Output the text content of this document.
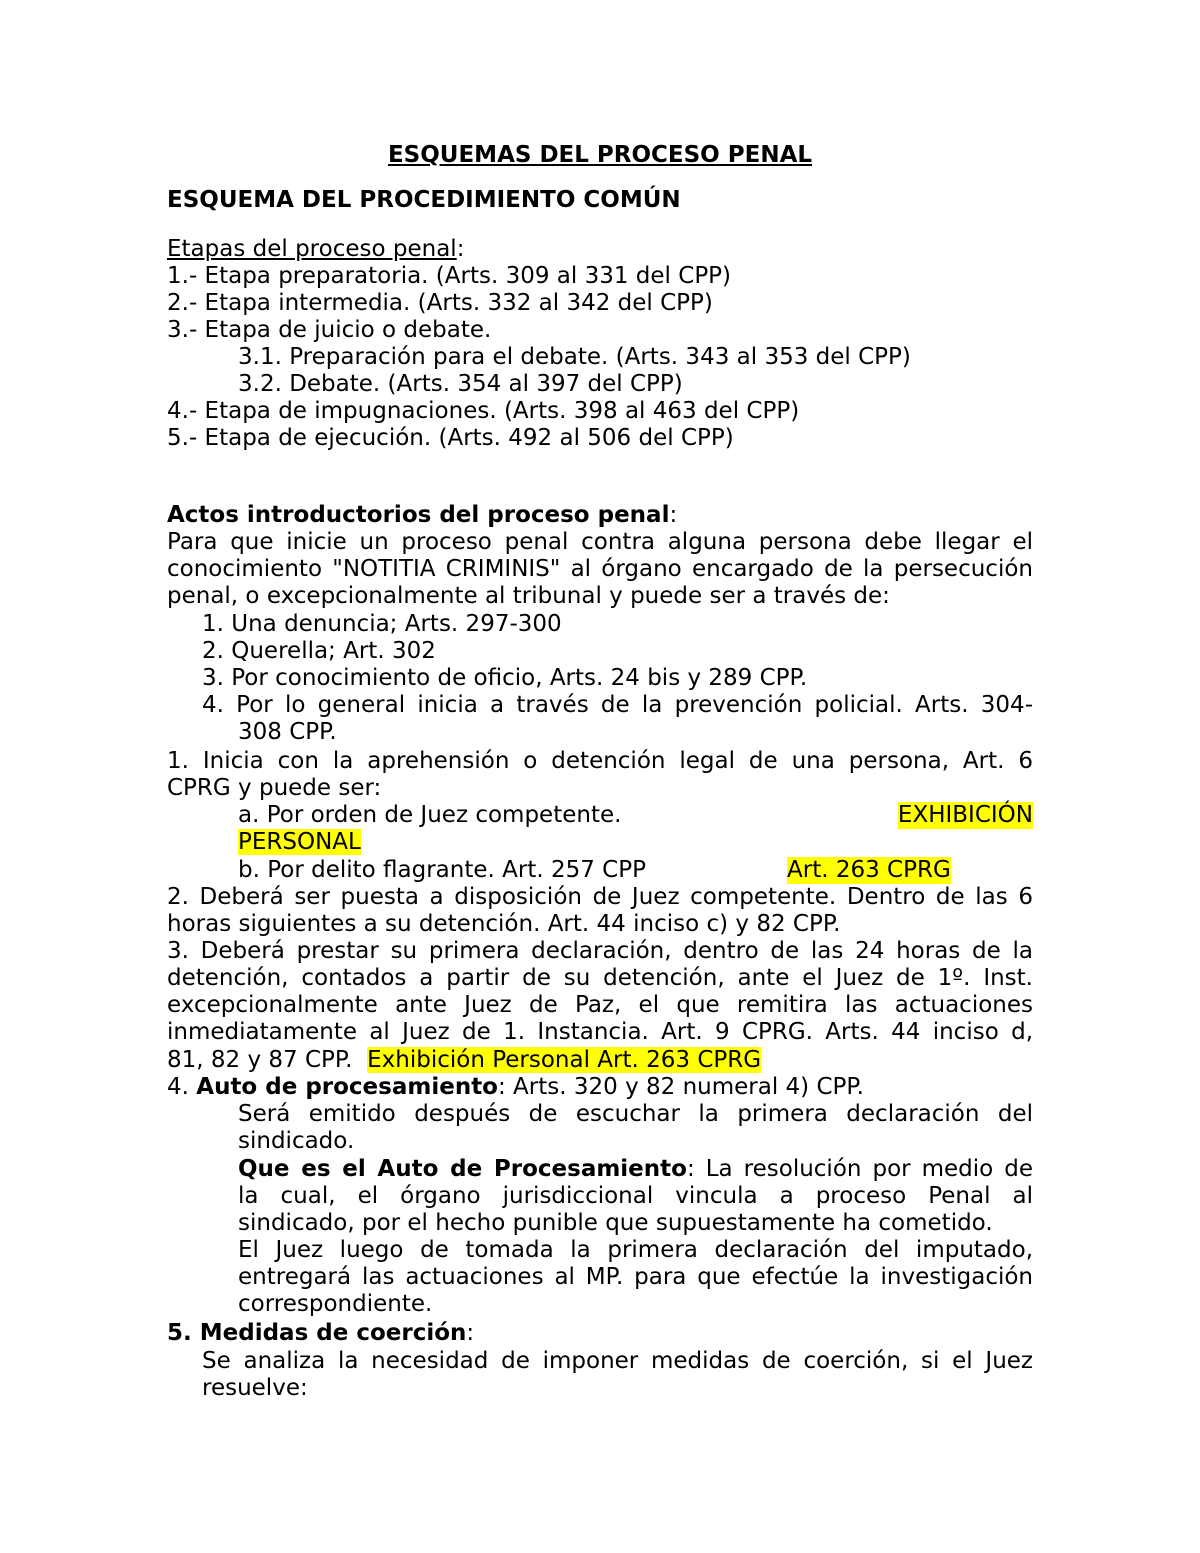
ESQUEMAS DEL PROCESO PENAL
ESQUEMA DEL PROCEDIMIENTO COMÚN
Etapas del proceso penal:
1.- Etapa preparatoria. (Arts. 309 al 331 del CPP)
2.- Etapa intermedia. (Arts. 332 al 342 del CPP)
3.- Etapa de juicio o debate.
3.1. Preparación para el debate. (Arts. 343 al 353 del CPP)
3.2. Debate. (Arts. 354 al 397 del CPP)
4.- Etapa de impugnaciones. (Arts. 398 al 463 del CPP)
5.- Etapa de ejecución. (Arts. 492 al 506 del CPP)
Actos introductorios del proceso penal:
Para que inicie un proceso penal contra alguna persona debe llegar el
conocimiento "NOTITIA CRIMINIS" al órgano encargado de la persecución
penal, o excepcionalmente al tribunal y puede ser a través de:
1. Una denuncia; Arts. 297-300
2. Querella; Art. 302
3. Por conocimiento de oficio, Arts. 24 bis y 289 CPP.
4. Por lo general inicia a través de la prevención policial. Arts. 304-
308 CPP.
1. Inicia con la aprehensión o detención legal de una persona, Art. 6
CPRG y puede ser:
a. Por orden de Juez competente.	EXHIBICIÓN
PERSONAL
b. Por delito flagrante. Art. 257 CPP	Art. 263 CPRG
2. Deberá ser puesta a disposición de Juez competente. Dentro de las 6
horas siguientes a su detención. Art. 44 inciso c) y 82 CPP.
3. Deberá prestar su primera declaración, dentro de las 24 horas de la
detención, contados a partir de su detención, ante el Juez de 1º. Inst.
excepcionalmente ante Juez de Paz, el que remitira las actuaciones
inmediatamente al Juez de 1. Instancia. Art. 9 CPRG. Arts. 44 inciso d,
81, 82 y 87 CPP. Exhibición Personal Art. 263 CPRG
4. Auto de procesamiento: Arts. 320 y 82 numeral 4) CPP.
Será emitido después de escuchar la primera declaración del
sindicado.
Que es el Auto de Procesamiento: La resolución por medio de
la cual, el órgano jurisdiccional vincula a proceso Penal al
sindicado, por el hecho punible que supuestamente ha cometido.
El Juez luego de tomada la primera declaración del imputado,
entregará las actuaciones al MP. para que efectúe la investigación
correspondiente.
5. Medidas de coerción:
Se analiza la necesidad de imponer medidas de coerción, si el Juez
resuelve:
